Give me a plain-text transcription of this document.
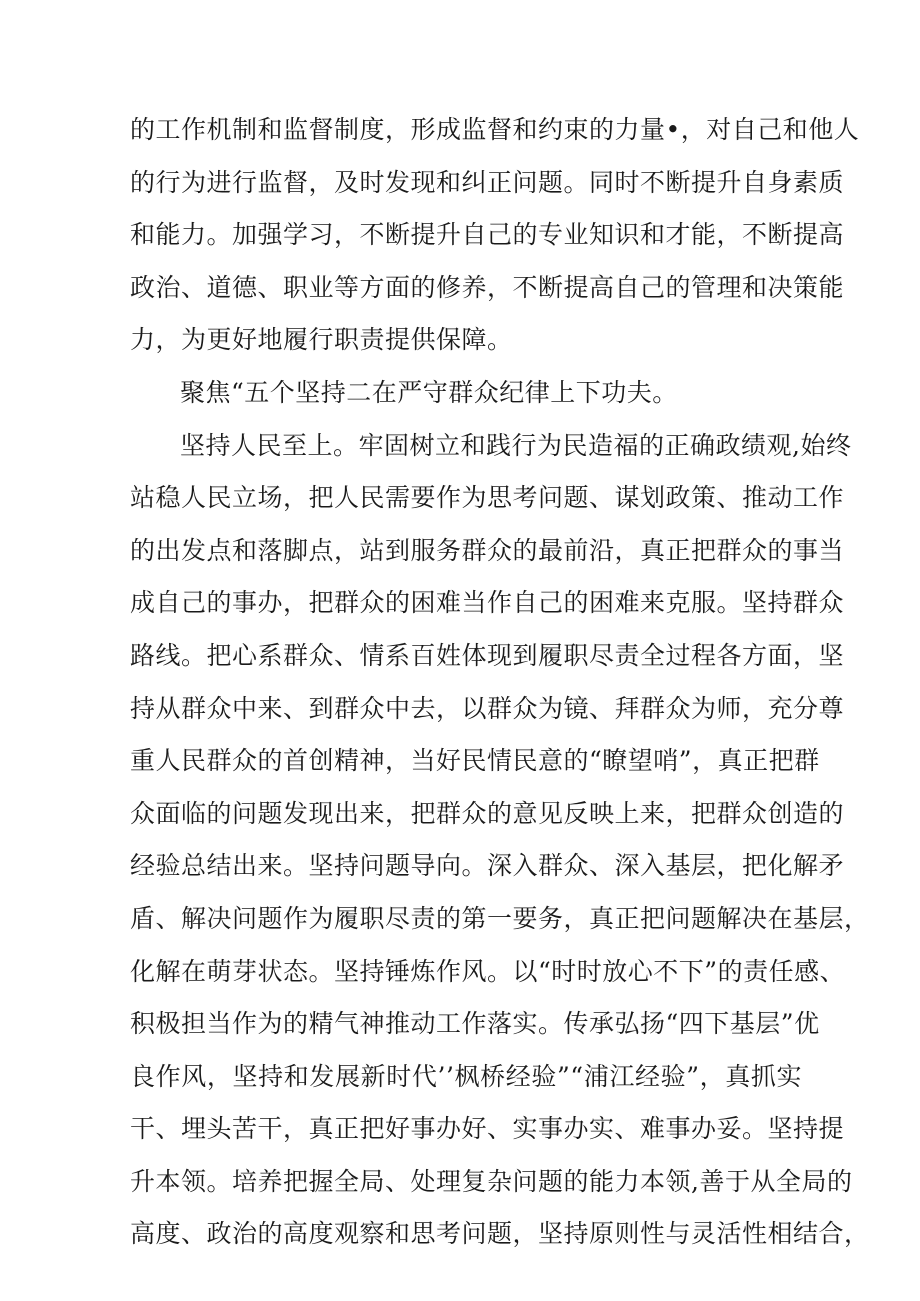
的工作机制和监督制度，形成监督和约束的力量•，对自己和他人
的行为进行监督，及时发现和纠正问题。同时不断提升自身素质
和能力。加强学习，不断提升自己的专业知识和才能，不断提高
政治、道德、职业等方面的修养，不断提高自己的管理和决策能
力，为更好地履行职责提供保障。
聚焦“五个坚持二在严守群众纪律上下功夫。
坚持人民至上。牢固树立和践行为民造福的正确政绩观,始终
站稳人民立场，把人民需要作为思考问题、谋划政策、推动工作
的出发点和落脚点，站到服务群众的最前沿，真正把群众的事当
成自己的事办，把群众的困难当作自己的困难来克服。坚持群众
路线。把心系群众、情系百姓体现到履职尽责全过程各方面，坚
持从群众中来、到群众中去，以群众为镜、拜群众为师，充分尊
重人民群众的首创精神，当好民情民意的“瞭望哨”，真正把群
众面临的问题发现出来，把群众的意见反映上来，把群众创造的
经验总结出来。坚持问题导向。深入群众、深入基层，把化解矛
盾、解决问题作为履职尽责的第一要务，真正把问题解决在基层，
化解在萌芽状态。坚持锤炼作风。以“时时放心不下”的责任感、
积极担当作为的精气神推动工作落实。传承弘扬“四下基层”优
良作风，坚持和发展新时代’’枫桥经验”“浦江经验”，真抓实
干、埋头苦干，真正把好事办好、实事办实、难事办妥。坚持提
升本领。培养把握全局、处理复杂问题的能力本领,善于从全局的
高度、政治的高度观察和思考问题，坚持原则性与灵活性相结合，
